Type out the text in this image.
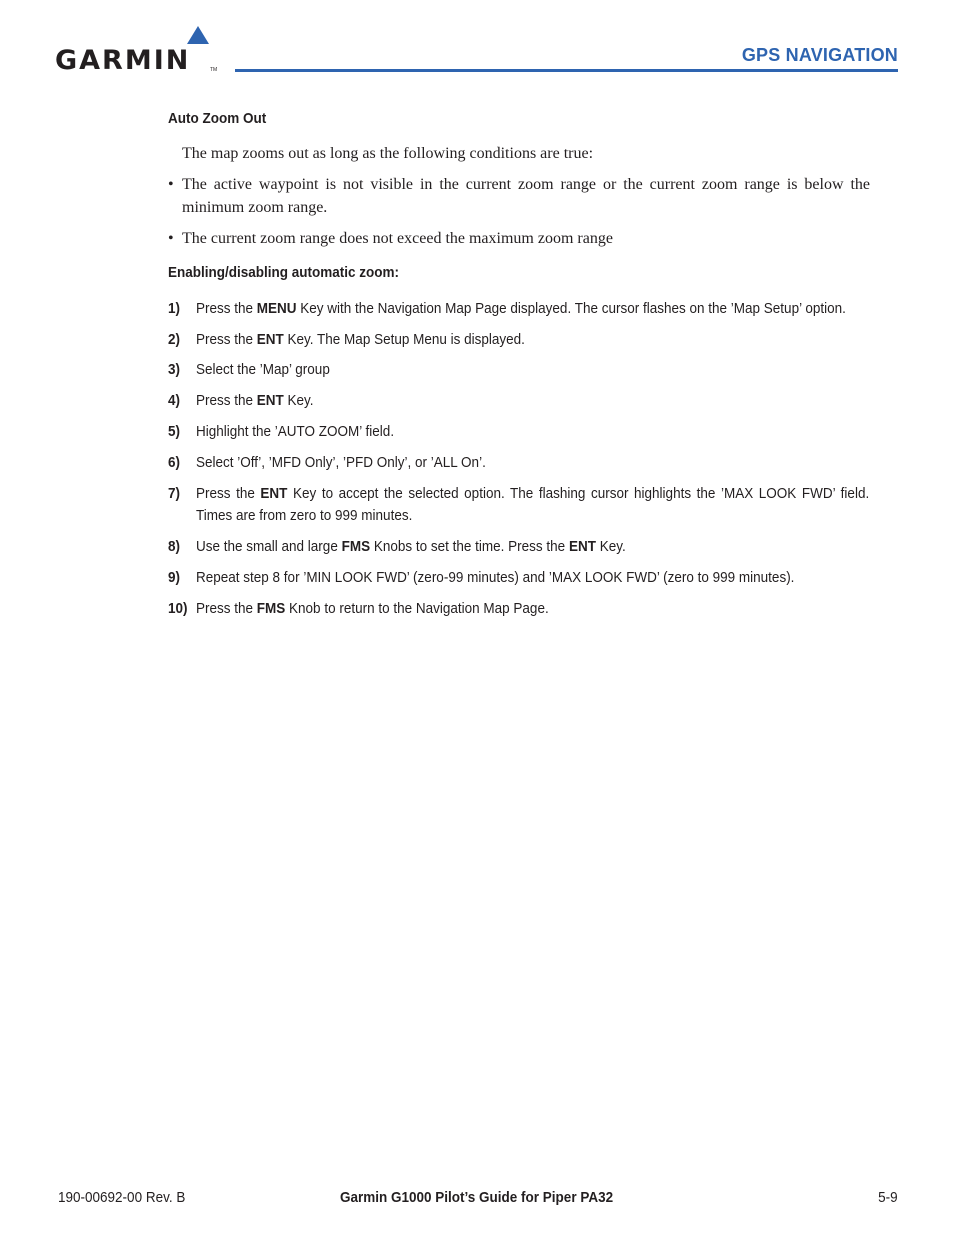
GARMIN	TM
GPS NAVIGATION
Auto Zoom Out
The map zooms out as long as the following conditions are true:
• The active waypoint is not visible in the current zoom range or the current zoom range is below the minimum zoom range.
• The current zoom range does not exceed the maximum zoom range
Enabling/disabling automatic zoom:
1) Press the MENU Key with the Navigation Map Page displayed. The cursor flashes on the ’Map Setup’ option.
2) Press the ENT Key. The Map Setup Menu is displayed.
3) Select the ’Map’ group
4) Press the ENT Key.
5) Highlight the ’AUTO ZOOM’ field.
6) Select ’Off’, ’MFD Only’, ’PFD Only’, or ’ALL On’.
7) Press the ENT Key to accept the selected option. The flashing cursor highlights the ’MAX LOOK FWD’ field. Times are from zero to 999 minutes.
8) Use the small and large FMS Knobs to set the time. Press the ENT Key.
9) Repeat step 8 for ’MIN LOOK FWD’ (zero-99 minutes) and ’MAX LOOK FWD’ (zero to 999 minutes).
10) Press the FMS Knob to return to the Navigation Map Page.
190-00692-00 Rev. B	Garmin G1000 Pilot’s Guide for Piper PA32	5-9
